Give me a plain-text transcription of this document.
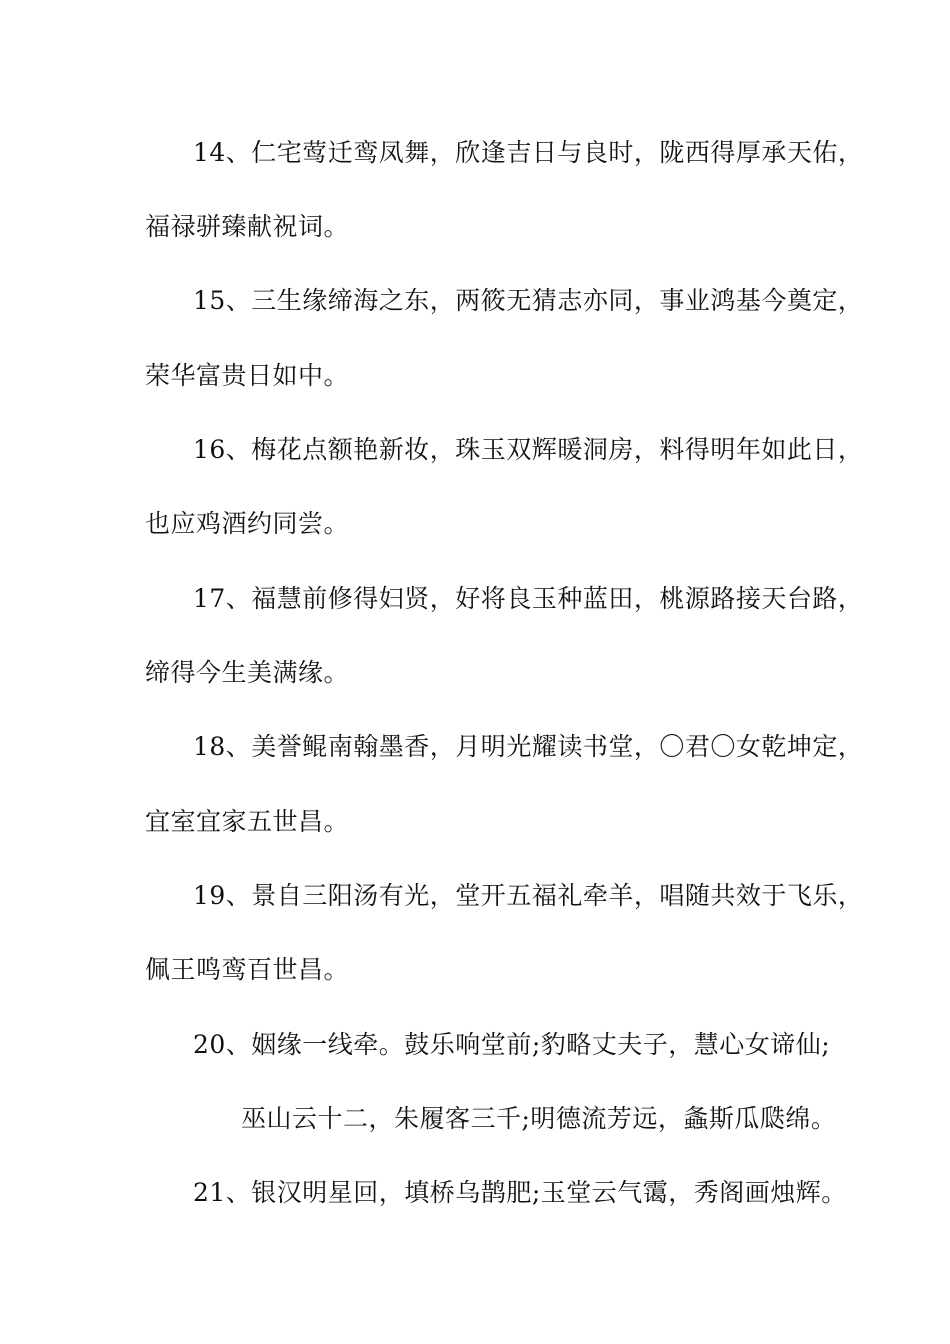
14、仁宅莺迁鸾凤舞，欣逢吉日与良时，陇西得厚承天佑，
福禄骈臻献祝词。
15、三生缘缔海之东，两筱无猜志亦同，事业鸿基今奠定，
荣华富贵日如中。
16、梅花点额艳新妆，珠玉双辉暖洞房，料得明年如此日，
也应鸡酒约同尝。
17、福慧前修得妇贤，好将良玉种蓝田，桃源路接天台路，
缔得今生美满缘。
18、美誉鲲南翰墨香，月明光耀读书堂，〇君〇女乾坤定，
宜室宜家五世昌。
19、景自三阳汤有光，堂开五福礼牵羊，唱随共效于飞乐，
佩王鸣鸾百世昌。
20、姻缘一线牵。鼓乐响堂前;豹略丈夫子，慧心女谛仙;
巫山云十二，朱履客三千;明德流芳远，螽斯瓜瓞绵。
21、银汉明星回，填桥乌鹊肥;玉堂云气霭，秀阁画烛辉。
